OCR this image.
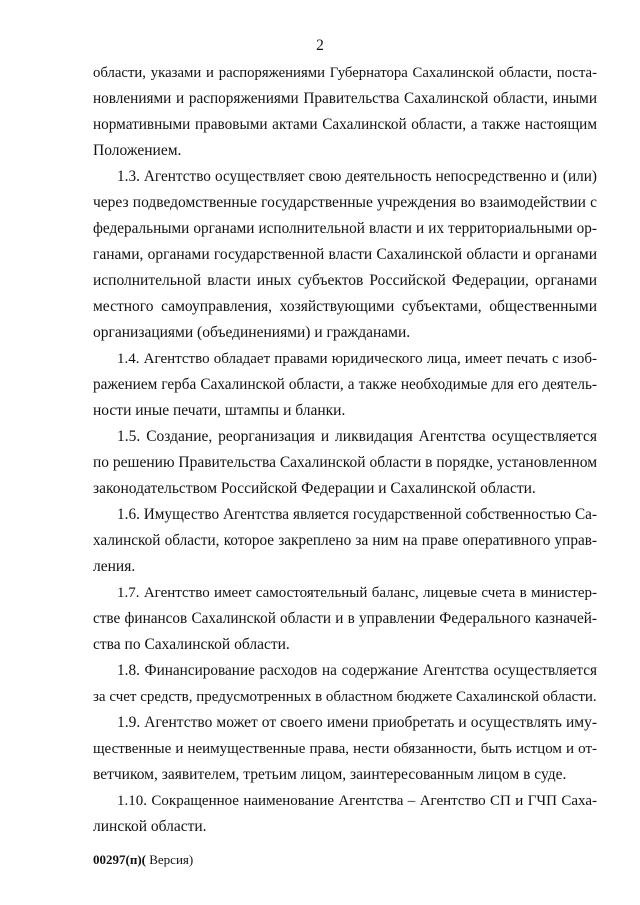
2

области, указами и распоряжениями Губернатора Сахалинской области, поста-
новлениями и распоряжениями Правительства Сахалинской области, иными
нормативными правовыми актами Сахалинской области, а также настоящим
Положением.

1.3. Агентство осуществляет свою деятельность непосредственно и (или)
через подведомственные государственные учреждения во взаимодействии с
федеральными органами исполнительной власти и их территориальными ор-
ганами, органами государственной власти Сахалинской области и органами
исполнительной власти иных субъектов Российской Федерации, органами
местного самоуправления, хозяйствующими субъектами, общественными
организациями (объединениями) и гражданами.

1.4. Агентство обладает правами юридического лица, имеет печать с изоб-
ражением герба Сахалинской области, а также необходимые для его деятель-
ности иные печати, штампы и бланки.

1.5. Создание, реорганизация и ликвидация Агентства осуществляется
по решению Правительства Сахалинской области в порядке, установленном
законодательством Российской Федерации и Сахалинской области.

1.6. Имущество Агентства является государственной собственностью Са-
халинской области, которое закреплено за ним на праве оперативного управ-
ления.

1.7. Агентство имеет самостоятельный баланс, лицевые счета в министер-
стве финансов Сахалинской области и в управлении Федерального казначей-
ства по Сахалинской области.

1.8. Финансирование расходов на содержание Агентства осуществляется
за счет средств, предусмотренных в областном бюджете Сахалинской области.

1.9. Агентство может от своего имени приобретать и осуществлять иму-
щественные и неимущественные права, нести обязанности, быть истцом и от-
ветчиком, заявителем, третьим лицом, заинтересованным лицом в суде.

1.10. Сокращенное наименование Агентства – Агентство СП и ГЧП Саха-
линской области.

00297(п)( Версия)
